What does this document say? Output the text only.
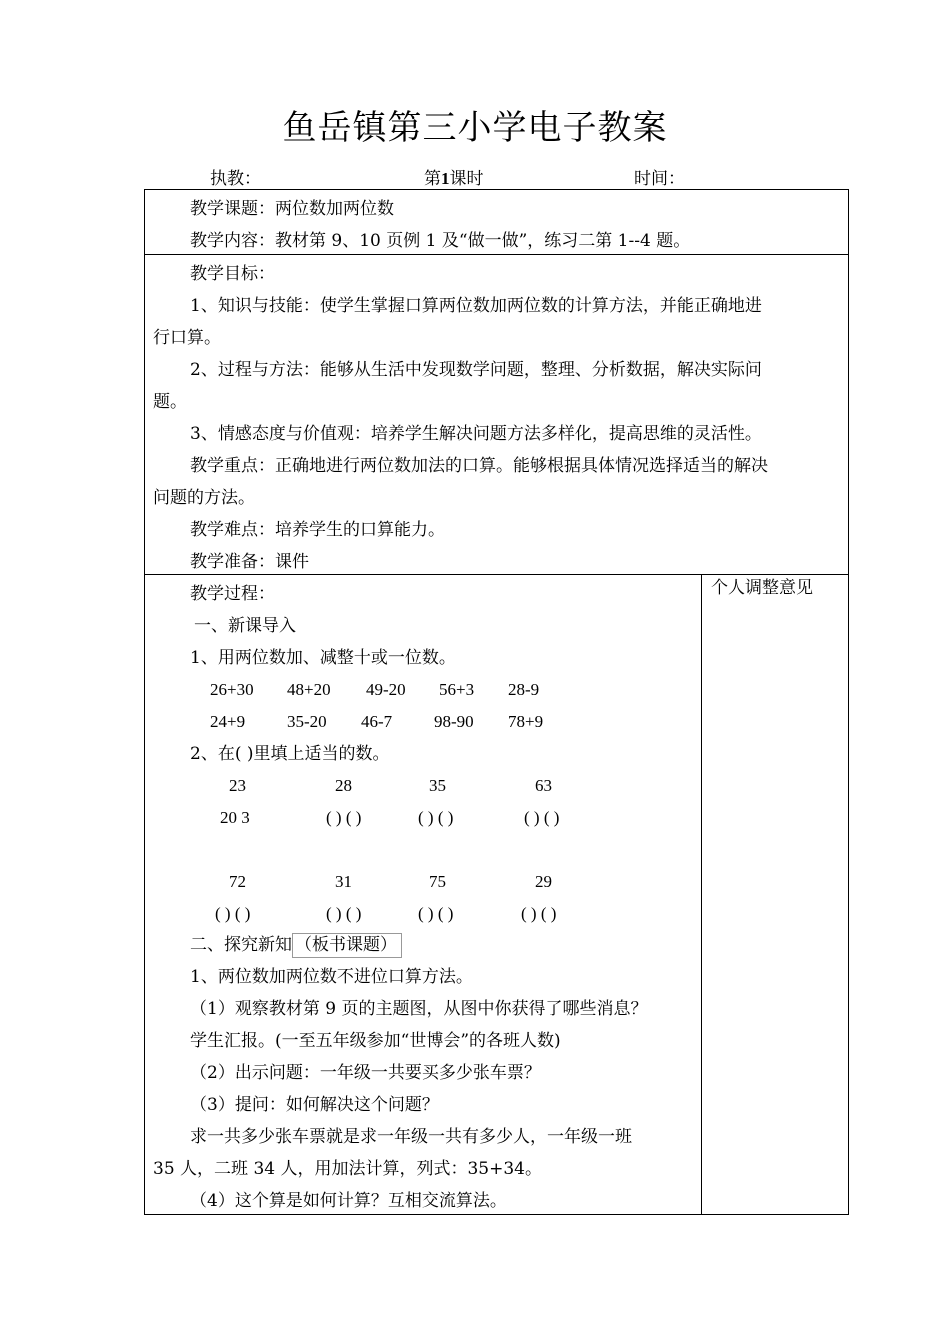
鱼岳镇第三小学电子教案
执教：	第1课时	时间：
教学课题：两位数加两位数
教学内容：教材第 9、10 页例 1 及“做一做”，练习二第 1--4 题。
教学目标：
1、知识与技能：使学生掌握口算两位数加两位数的计算方法，并能正确地进
行口算。
2、过程与方法：能够从生活中发现数学问题，整理、分析数据，解决实际问
题。
3、情感态度与价值观：培养学生解决问题方法多样化，提高思维的灵活性。
教学重点：正确地进行两位数加法的口算。能够根据具体情况选择适当的解决
问题的方法。
教学难点：培养学生的口算能力。
教学准备：课件
个人调整意见
教学过程：
一、新课导入
1、用两位数加、减整十或一位数。
26+30 48+20 49-20 56+3 28-9
24+9 35-20 46-7 98-90 78+9
2、在( )里填上适当的数。
23	28	35	63
20 3	( ) ( )	( ) ( )	( ) ( )
72	31	75	29
( ) ( )	( ) ( )	( ) ( )	( ) ( )
二、探究新知 （板书课题）
1、两位数加两位数不进位口算方法。
（1）观察教材第 9 页的主题图，从图中你获得了哪些消息？
学生汇报。(一至五年级参加“世博会”的各班人数)
（2）出示问题：一年级一共要买多少张车票？
（3）提问：如何解决这个问题？
求一共多少张车票就是求一年级一共有多少人，一年级一班
35 人，二班 34 人，用加法计算，列式：35+34。
（4）这个算是如何计算？互相交流算法。
